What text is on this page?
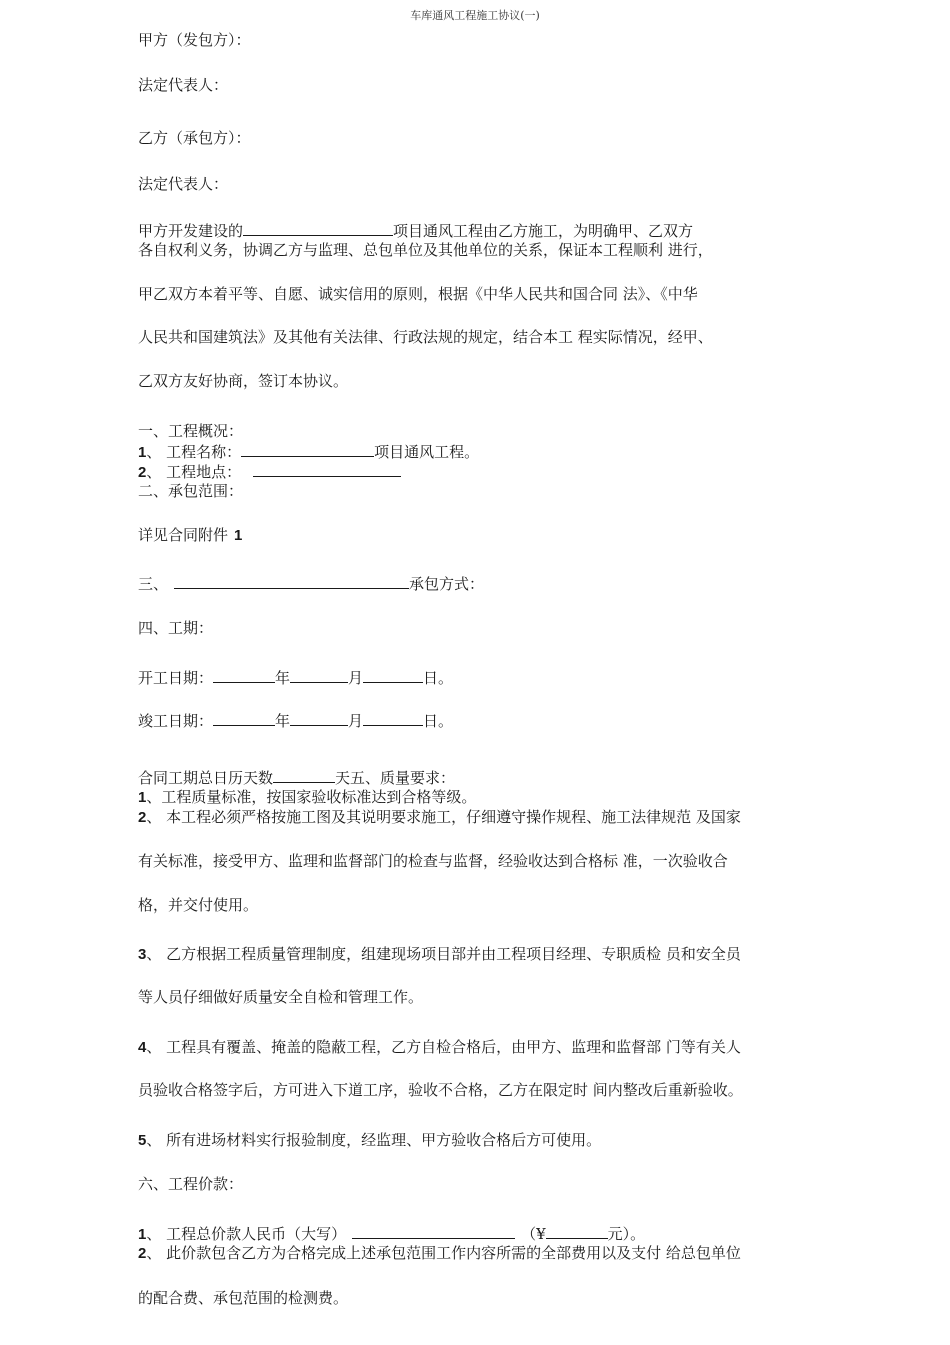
车库通风工程施工协议(一)
甲方（发包方）：
法定代表人：
乙方（承包方）：
法定代表人：
甲方开发建设的	项目通风工程由乙方施工，为明确甲、乙双方
各自权利义务，协调乙方与监理、总包单位及其他单位的关系，保证本工程顺利 进行，
甲乙双方本着平等、自愿、诚实信用的原则，根据《中华人民共和国合同 法》、《中华
人民共和国建筑法》及其他有关法律、行政法规的规定，结合本工 程实际情况，经甲、
乙双方友好协商，签订本协议。
一、工程概况：
1、 工程名称：	项目通风工程。
2、 工程地点：
二、承包范围：
详见合同附件 1
三、	承包方式：
四、工期：
开工日期：	年	月	日。
竣工日期：	年	月	日。
合同工期总日历天数	天五、质量要求：
1、工程质量标准，按国家验收标准达到合格等级。
2、 本工程必须严格按施工图及其说明要求施工，仔细遵守操作规程、施工法律规范 及国家
有关标准，接受甲方、监理和监督部门的检查与监督，经验收达到合格标 准，一次验收合
格，并交付使用。
3、 乙方根据工程质量管理制度，组建现场项目部并由工程项目经理、专职质检 员和安全员
等人员仔细做好质量安全自检和管理工作。
4、 工程具有覆盖、掩盖的隐蔽工程，乙方自检合格后，由甲方、监理和监督部 门等有关人
员验收合格签字后，方可进入下道工序，验收不合格，乙方在限定时 间内整改后重新验收。
5、 所有进场材料实行报验制度，经监理、甲方验收合格后方可使用。
六、工程价款：
1、 工程总价款人民币（大写）	（¥	元）。
2、 此价款包含乙方为合格完成上述承包范围工作内容所需的全部费用以及支付 给总包单位
的配合费、承包范围的检测费。
